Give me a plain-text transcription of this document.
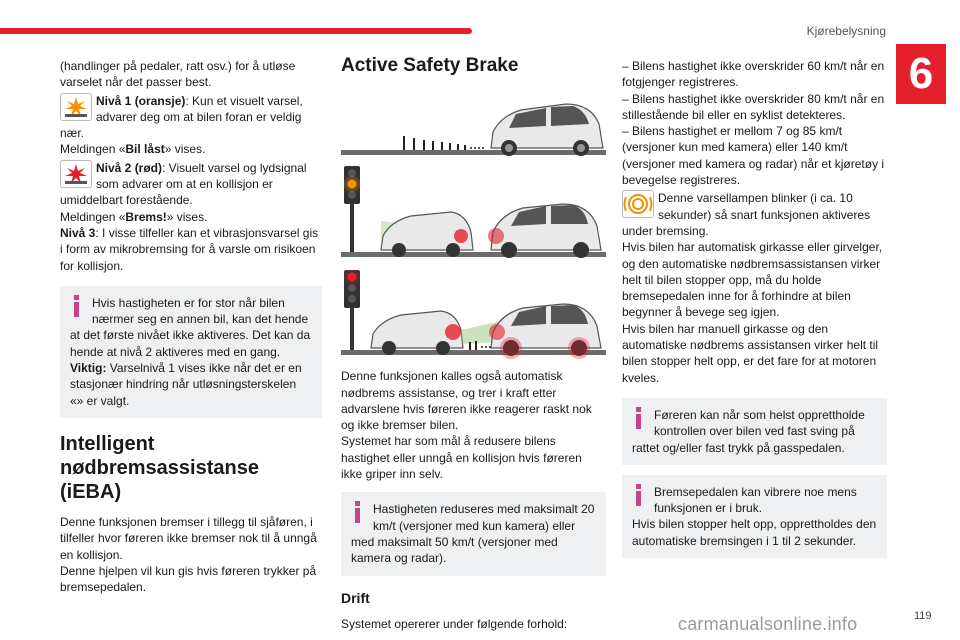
Kjørebelysning
6

(handlinger på pedaler, ratt osv.) for å utløse varselet når det passer best.

Nivå 1 (oransje): Kun et visuelt varsel, advarer deg om at bilen foran er veldig nær.

Meldingen «Bil låst» vises.

Nivå 2 (rød): Visuelt varsel og lydsignal som advarer om at en kollisjon er umiddelbart forestående.

Meldingen «Brems!» vises.

Nivå 3: I visse tilfeller kan et vibrasjonsvarsel gis i form av mikrobremsing for å varsle om risikoen for kollisjon.

Hvis hastigheten er for stor når bilen nærmer seg en annen bil, kan det hende at det første nivået ikke aktiveres. Det kan da hende at nivå 2 aktiveres med en gang.

Viktig: Varselnivå 1 vises ikke når det er en stasjonær hindring når utløsningsterskelen «» er valgt.

Intelligent nødbremsassistanse (iEBA)

Denne funksjonen bremser i tillegg til sjåføren, i tilfeller hvor føreren ikke bremser nok til å unngå en kollisjon.

Denne hjelpen vil kun gis hvis føreren trykker på bremsepedalen.

Active Safety Brake

Denne funksjonen kalles også automatisk nødbrems assistanse, og trer i kraft etter advarslene hvis føreren ikke reagerer raskt nok og ikke bremser bilen.

Systemet har som mål å redusere bilens hastighet eller unngå en kollisjon hvis føreren ikke griper inn selv.

Hastigheten reduseres med maksimalt 20 km/t (versjoner med kun kamera) eller med maksimalt 50 km/t (versjoner med kamera og radar).

Drift

Systemet opererer under følgende forhold:

– Bilens hastighet ikke overskrider 60 km/t når en fotgjenger registreres.

– Bilens hastighet ikke overskrider 80 km/t når en stillestående bil eller en syklist detekteres.

– Bilens hastighet er mellom 7 og 85 km/t (versjoner kun med kamera) eller 140 km/t (versjoner med kamera og radar) når et kjøretøy i bevegelse registreres.

Denne varsellampen blinker (i ca. 10 sekunder) så snart funksjonen aktiveres under bremsing.

Hvis bilen har automatisk girkasse eller girvelger, og den automatiske nødbremsassistansen virker helt til bilen stopper opp, må du holde bremsepedalen inne for å forhindre at bilen begynner å bevege seg igjen.

Hvis bilen har manuell girkasse og den automatiske nødbrems assistansen virker helt til bilen stopper helt opp, er det fare for at motoren kveles.

Føreren kan når som helst opprettholde kontrollen over bilen ved fast sving på rattet og/eller fast trykk på gasspedalen.

Bremsepedalen kan vibrere noe mens funksjonen er i bruk.

Hvis bilen stopper helt opp, opprettholdes den automatiske bremsingen i 1 til 2 sekunder.

carmanualsonline.info	119
